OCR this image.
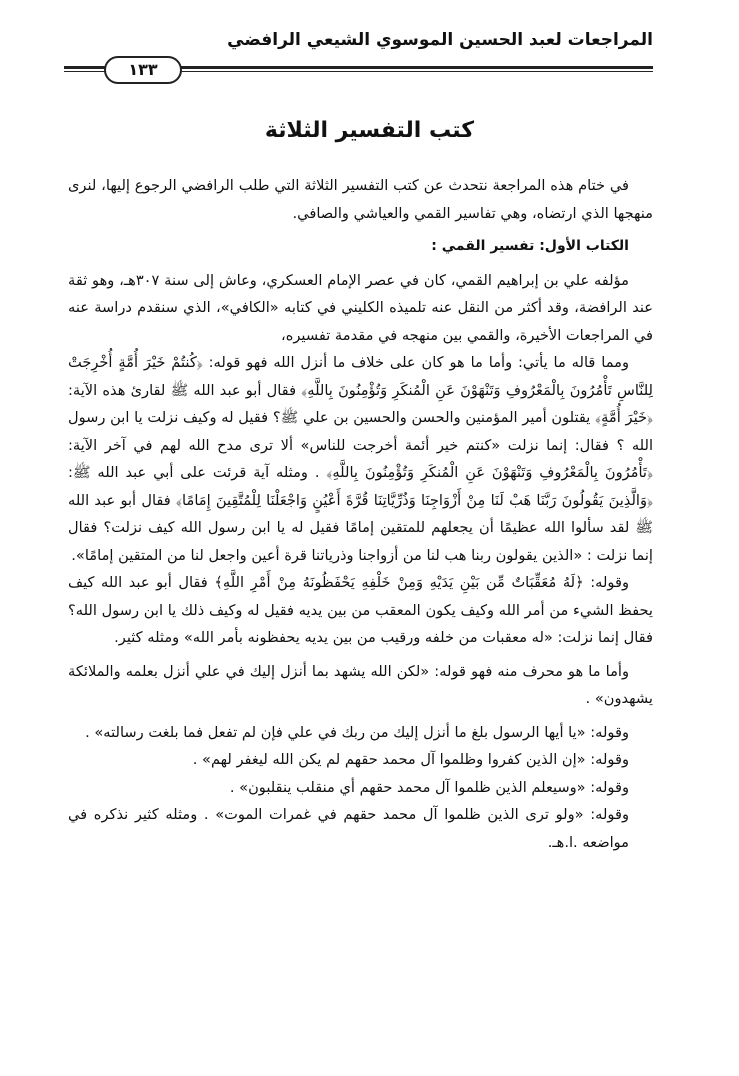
المراجعات لعبد الحسين الموسوي الشيعي الرافضي
١٣٣
كتب التفسير الثلاثة

في ختام هذه المراجعة نتحدث عن كتب التفسير الثلاثة التي طلب الرافضي الرجوع إليها، لنرى منهجها الذي ارتضاه، وهي تفاسير القمي والعياشي والصافي.

الكتاب الأول: تفسير القمي :

مؤلفه علي بن إبراهيم القمي، كان في عصر الإمام العسكري، وعاش إلى سنة ٣٠٧هـ، وهو ثقة عند الرافضة، وقد أكثر من النقل عنه تلميذه الكليني في كتابه «الكافي»، الذي سنقدم دراسة عنه في المراجعات الأخيرة، والقمي بين منهجه في مقدمة تفسيره،

ومما قاله ما يأتي: وأما ما هو كان على خلاف ما أنزل الله فهو قوله: ﴿كُنتُمْ خَيْرَ أُمَّةٍ أُخْرِجَتْ لِلنَّاسِ تَأْمُرُونَ بِالْمَعْرُوفِ وَتَنْهَوْنَ عَنِ الْمُنكَرِ وَتُؤْمِنُونَ بِاللَّهِ﴾ فقال أبو عبد الله ﷺ لقارئ هذه الآية: ﴿خَيْرَ أُمَّةٍ﴾ يقتلون أمير المؤمنين والحسن والحسين بن علي ﷺ؟ فقيل له وكيف نزلت يا ابن رسول الله ؟ فقال: إنما نزلت «كنتم خير أئمة أخرجت للناس» ألا ترى مدح الله لهم في آخر الآية: ﴿تَأْمُرُونَ بِالْمَعْرُوفِ وَتَنْهَوْنَ عَنِ الْمُنكَرِ وَتُؤْمِنُونَ بِاللَّهِ﴾ . ومثله آية قرئت على أبي عبد الله ﷺ: ﴿وَالَّذِينَ يَقُولُونَ رَبَّنَا هَبْ لَنَا مِنْ أَزْوَاجِنَا وَذُرِّيَّاتِنَا قُرَّةَ أَعْيُنٍ وَاجْعَلْنَا لِلْمُتَّقِينَ إِمَامًا﴾ فقال أبو عبد الله ﷺ لقد سألوا الله عظيمًا أن يجعلهم للمتقين إمامًا فقيل له يا ابن رسول الله كيف نزلت؟ فقال إنما نزلت : «الذين يقولون ربنا هب لنا من أزواجنا وذرياتنا قرة أعين واجعل لنا من المتقين إمامًا».

وقوله: ﴿لَهُ مُعَقِّبَاتٌ مِّن بَيْنِ يَدَيْهِ وَمِنْ خَلْفِهِ يَحْفَظُونَهُ مِنْ أَمْرِ اللَّهِ﴾ فقال أبو عبد الله كيف يحفظ الشيء من أمر الله وكيف يكون المعقب من بين يديه فقيل له وكيف ذلك يا ابن رسول الله؟ فقال إنما نزلت: «له معقبات من خلفه ورقيب من بين يديه يحفظونه بأمر الله» ومثله كثير.

وأما ما هو محرف منه فهو قوله: «لكن الله يشهد بما أنزل إليك في علي أنزل بعلمه والملائكة يشهدون» .

وقوله: «يا أيها الرسول بلغ ما أنزل إليك من ربك في علي فإن لم تفعل فما بلغت رسالته» .
وقوله: «إن الذين كفروا وظلموا آل محمد حقهم لم يكن الله ليغفر لهم» .
وقوله: «وسيعلم الذين ظلموا آل محمد حقهم أي منقلب ينقلبون» .
وقوله: «ولو ترى الذين ظلموا آل محمد حقهم في غمرات الموت» . ومثله كثير نذكره في مواضعه .ا.هـ.
